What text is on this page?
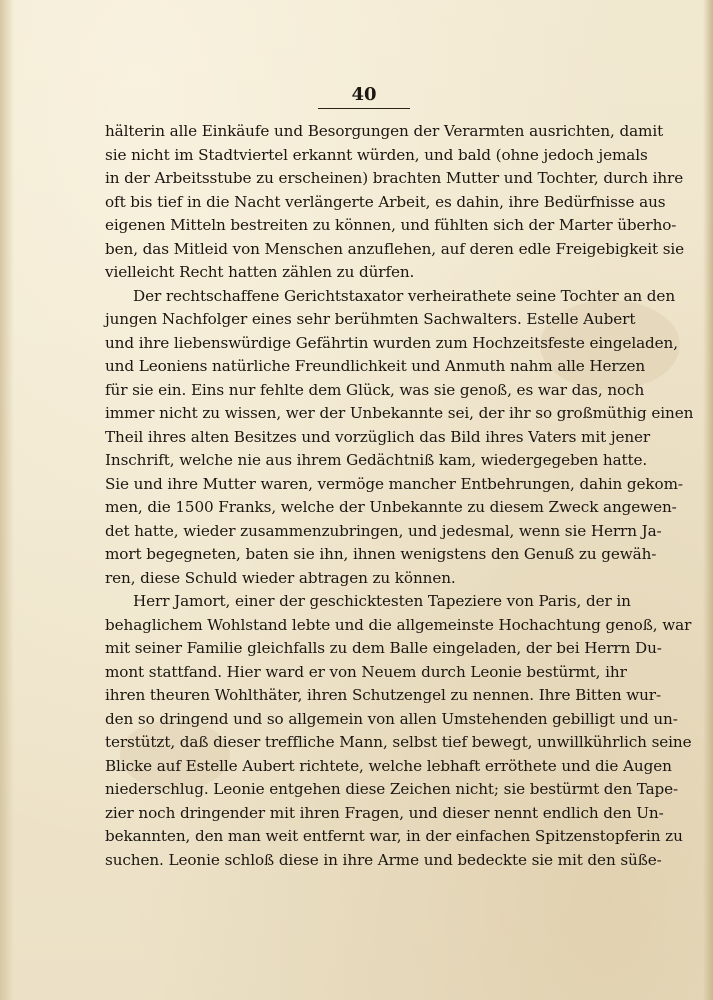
40
hälterin alle Einkäufe und Besorgungen der Verarmten ausrichten, damit
sie nicht im Stadtviertel erkannt würden, und bald (ohne jedoch jemals
in der Arbeitsstube zu erscheinen) brachten Mutter und Tochter, durch ihre
oft bis tief in die Nacht verlängerte Arbeit, es dahin, ihre Bedürfnisse aus
eigenen Mitteln bestreiten zu können, und fühlten sich der Marter überho-
ben, das Mitleid von Menschen anzuflehen, auf deren edle Freigebigkeit sie
vielleicht Recht hatten zählen zu dürfen.
Der rechtschaffene Gerichtstaxator verheirathete seine Tochter an den
jungen Nachfolger eines sehr berühmten Sachwalters. Estelle Aubert
und ihre liebenswürdige Gefährtin wurden zum Hochzeitsfeste eingeladen,
und Leoniens natürliche Freundlichkeit und Anmuth nahm alle Herzen
für sie ein. Eins nur fehlte dem Glück, was sie genoß, es war das, noch
immer nicht zu wissen, wer der Unbekannte sei, der ihr so großmüthig einen
Theil ihres alten Besitzes und vorzüglich das Bild ihres Vaters mit jener
Inschrift, welche nie aus ihrem Gedächtniß kam, wiedergegeben hatte.
Sie und ihre Mutter waren, vermöge mancher Entbehrungen, dahin gekom-
men, die 1500 Franks, welche der Unbekannte zu diesem Zweck angewen-
det hatte, wieder zusammenzubringen, und jedesmal, wenn sie Herrn Ja-
mort begegneten, baten sie ihn, ihnen wenigstens den Genuß zu gewäh-
ren, diese Schuld wieder abtragen zu können.
Herr Jamort, einer der geschicktesten Tapeziere von Paris, der in
behaglichem Wohlstand lebte und die allgemeinste Hochachtung genoß, war
mit seiner Familie gleichfalls zu dem Balle eingeladen, der bei Herrn Du-
mont stattfand. Hier ward er von Neuem durch Leonie bestürmt, ihr
ihren theuren Wohlthäter, ihren Schutzengel zu nennen. Ihre Bitten wur-
den so dringend und so allgemein von allen Umstehenden gebilligt und un-
terstützt, daß dieser treffliche Mann, selbst tief bewegt, unwillkührlich seine
Blicke auf Estelle Aubert richtete, welche lebhaft erröthete und die Augen
niederschlug. Leonie entgehen diese Zeichen nicht; sie bestürmt den Tape-
zier noch dringender mit ihren Fragen, und dieser nennt endlich den Un-
bekannten, den man weit entfernt war, in der einfachen Spitzenstopferin zu
suchen. Leonie schloß diese in ihre Arme und bedeckte sie mit den süße-
